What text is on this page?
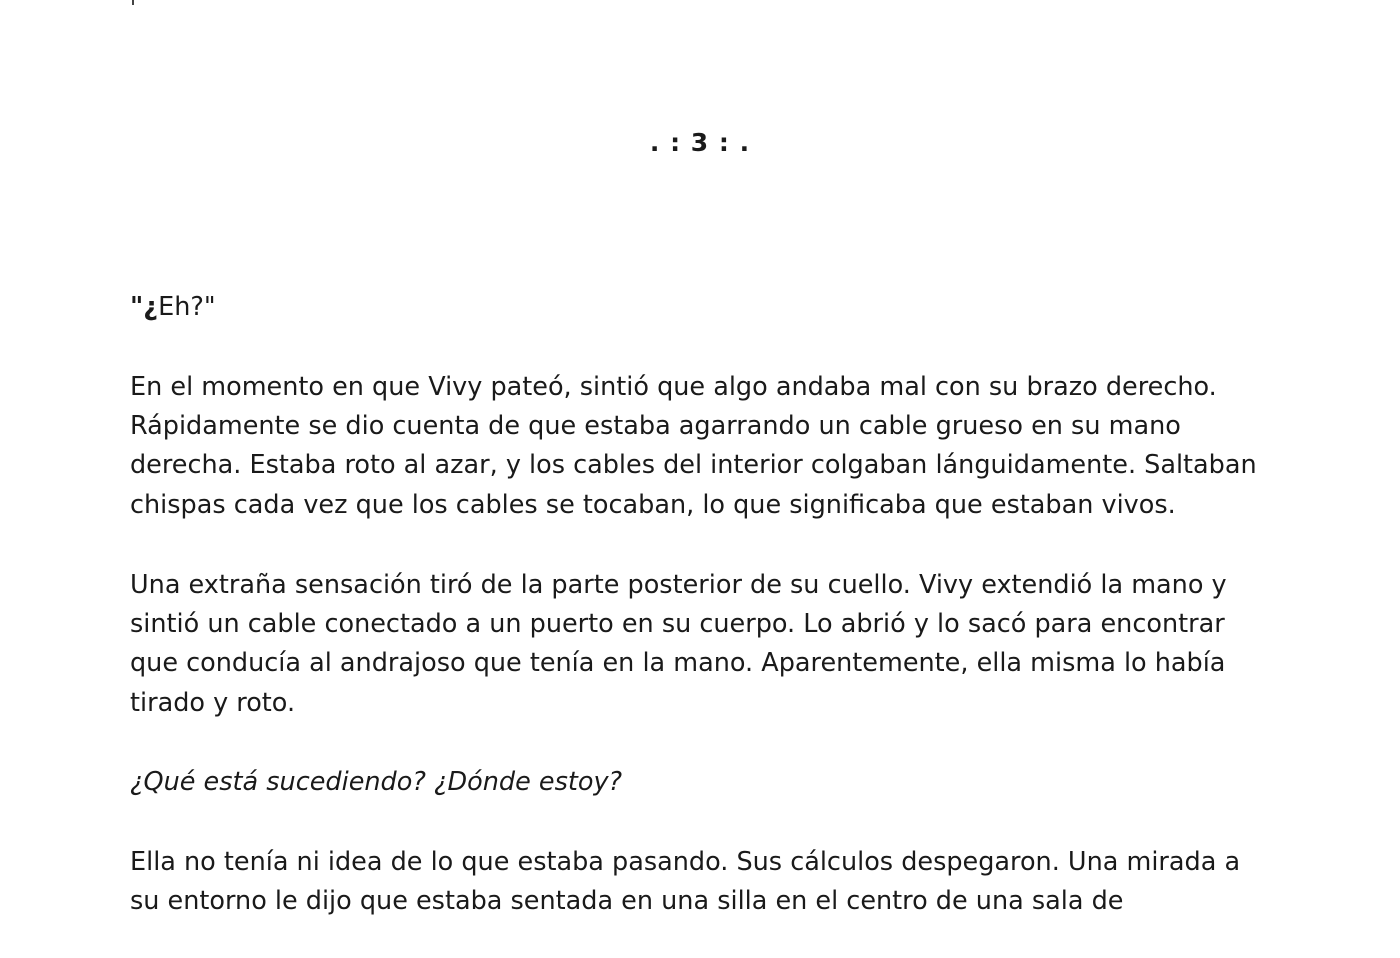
. : 3 : .

"¿Eh?"

En el momento en que Vivy pateó, sintió que algo andaba mal con su brazo derecho.
Rápidamente se dio cuenta de que estaba agarrando un cable grueso en su mano
derecha. Estaba roto al azar, y los cables del interior colgaban lánguidamente. Saltaban
chispas cada vez que los cables se tocaban, lo que significaba que estaban vivos.

Una extraña sensación tiró de la parte posterior de su cuello. Vivy extendió la mano y
sintió un cable conectado a un puerto en su cuerpo. Lo abrió y lo sacó para encontrar
que conducía al andrajoso que tenía en la mano. Aparentemente, ella misma lo había
tirado y roto.

¿Qué está sucediendo? ¿Dónde estoy?

Ella no tenía ni idea de lo que estaba pasando. Sus cálculos despegaron. Una mirada a
su entorno le dijo que estaba sentada en una silla en el centro de una sala de
